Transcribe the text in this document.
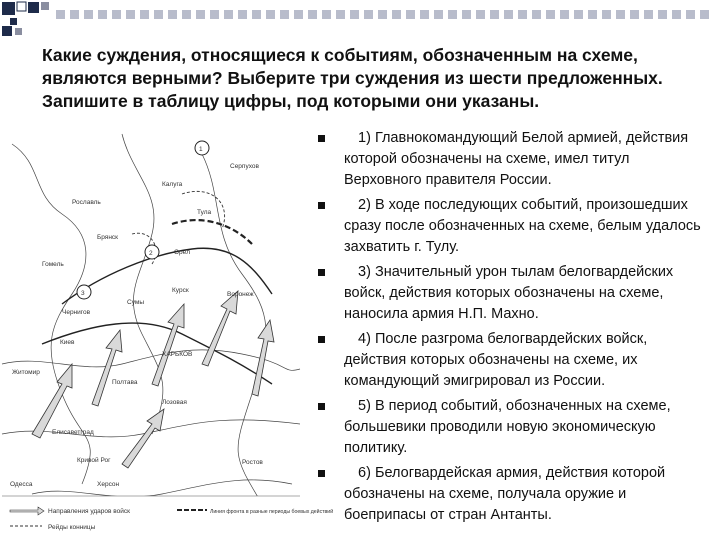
Какие суждения, относящиеся к событиям, обозначенным на схеме, являются верными? Выберите три суждения из шести предложенных. Запишите в таблицу цифры, под которыми они указаны.
1
2
3
Серпухов
Калуга
Тула
Рославль
Брянск
Гомель
Орёл
Курск
Воронеж
ХАРЬКОВ
Киев
Житомир
Полтава
Елисаветград
Кривой Рог
Одесса	Херсон
Лозовая
Ростов
Сумы
Чернигов
Направления ударов войск
Рейды конницы
Линия фронта в разные периоды боевых действий
1) Главнокомандующий Белой армией, действия которой обозначены на схеме, имел титул Верховного правителя России.
2) В ходе последующих событий, произошедших сразу после обозначенных на схеме, белым удалось захватить г. Тулу.
3) Значительный урон тылам белогвардейских войск, действия которых обозначены на схеме, наносила армия Н.П. Махно.
4) После разгрома белогвардейских войск, действия которых обозначены на схеме, их командующий эмигрировал из России.
5) В период событий, обозначенных на схеме, большевики проводили новую экономическую политику.
6) Белогвардейская армия, действия которой обозначены на схеме, получала оружие и боеприпасы от стран Антанты.
